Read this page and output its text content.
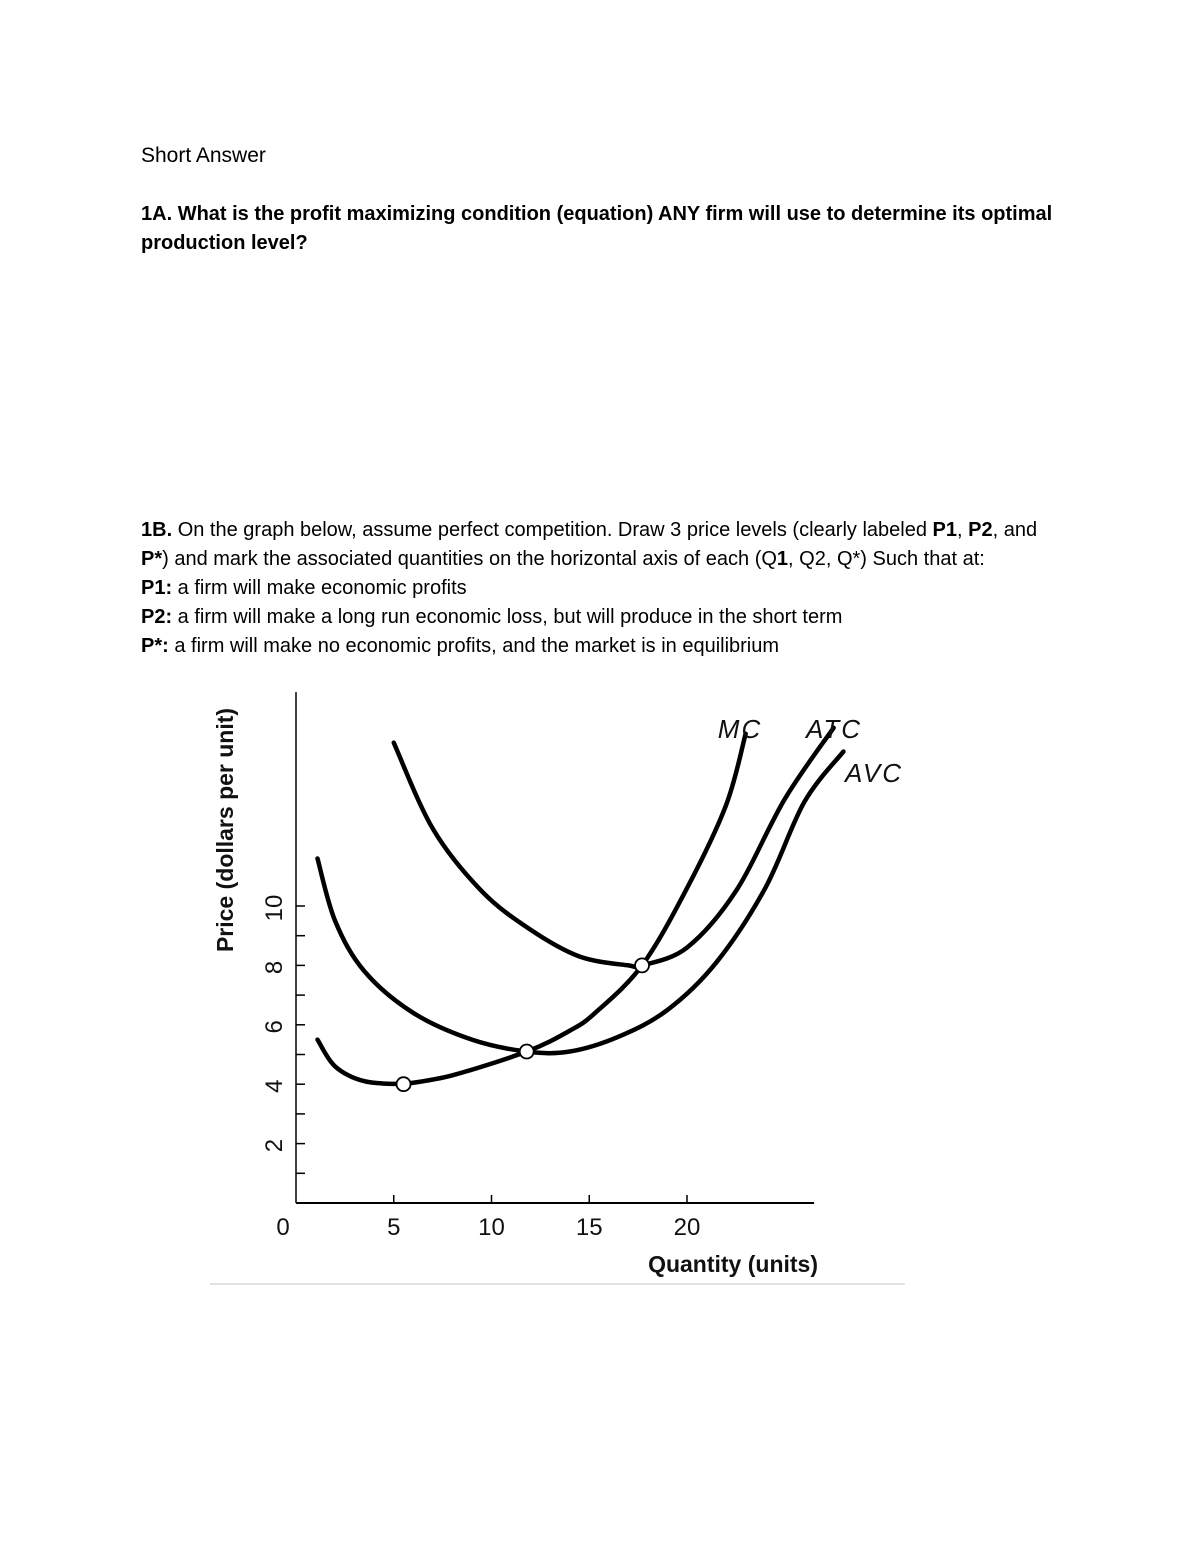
Short Answer
1A. What is the profit maximizing condition (equation) ANY firm will use to determine its optimal production level?

1B. On the graph below, assume perfect competition. Draw 3 price levels (clearly labeled P1, P2, and P*) and mark the associated quantities on the horizontal axis of each (Q1, Q2, Q*) Such that at:

P1: a firm will make economic profits

P2: a firm will make a long run economic loss, but will produce in the short term

P*: a firm will make no economic profits, and the market is in equilibrium

0	5	10	15	20
2
4
6
8
10
Quantity (units)
Price (dollars per unit)	MC ATC
AVC
